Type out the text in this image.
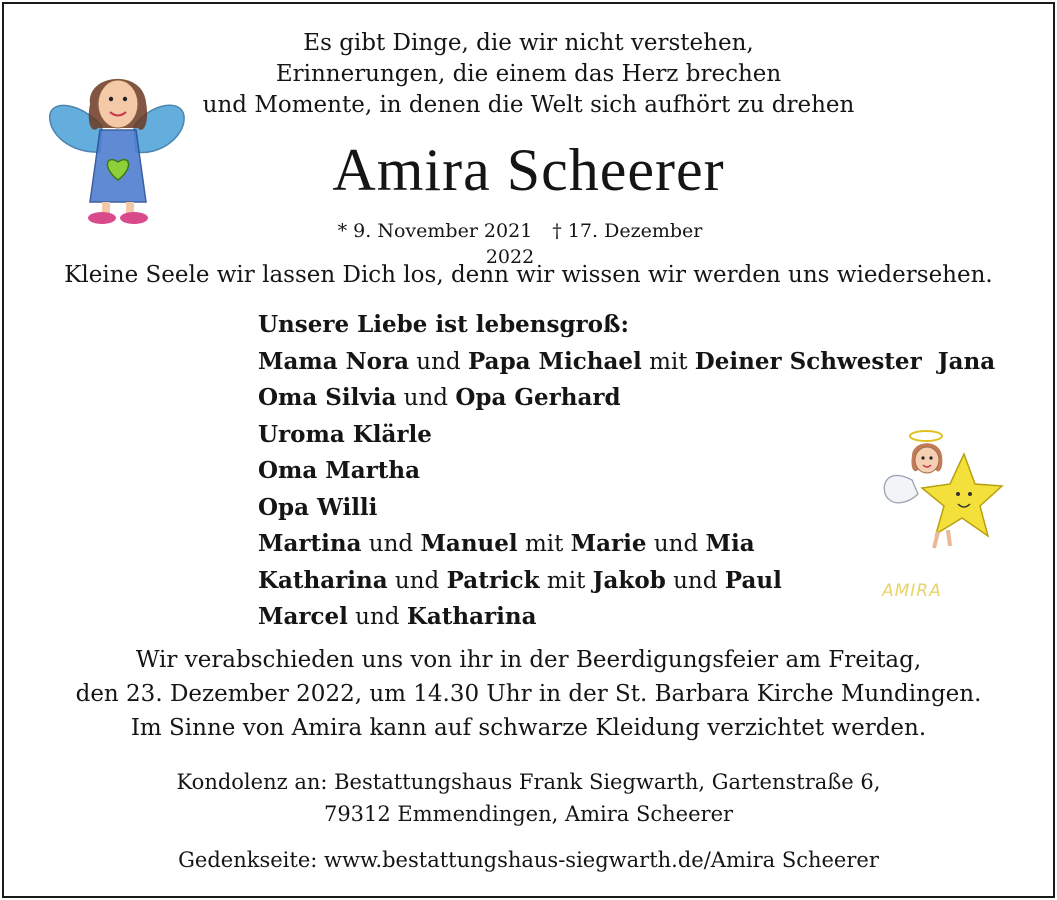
Es gibt Dinge, die wir nicht verstehen,
Erinnerungen, die einem das Herz brechen
und Momente, in denen die Welt sich aufhört zu drehen
Amira Scheerer
* 9. November 2021 † 17. Dezember 2022
Kleine Seele wir lassen Dich los, denn wir wissen wir werden uns wiedersehen.
Unsere Liebe ist lebensgroß:
Mama Nora und Papa Michael mit Deiner Schwester  Jana
Oma Silvia und Opa Gerhard
Uroma Klärle
Oma Martha
Opa Willi
Martina und Manuel mit Marie und Mia
Katharina und Patrick mit Jakob und Paul
Marcel und Katharina
AMIRA
Wir verabschieden uns von ihr in der Beerdigungsfeier am Freitag,
den 23. Dezember 2022, um 14.30 Uhr in der St. Barbara Kirche Mundingen.
Im Sinne von Amira kann auf schwarze Kleidung verzichtet werden.
Kondolenz an: Bestattungshaus Frank Siegwarth, Gartenstraße 6,
79312 Emmendingen, Amira Scheerer
Gedenkseite: www.bestattungshaus-siegwarth.de/Amira Scheerer
